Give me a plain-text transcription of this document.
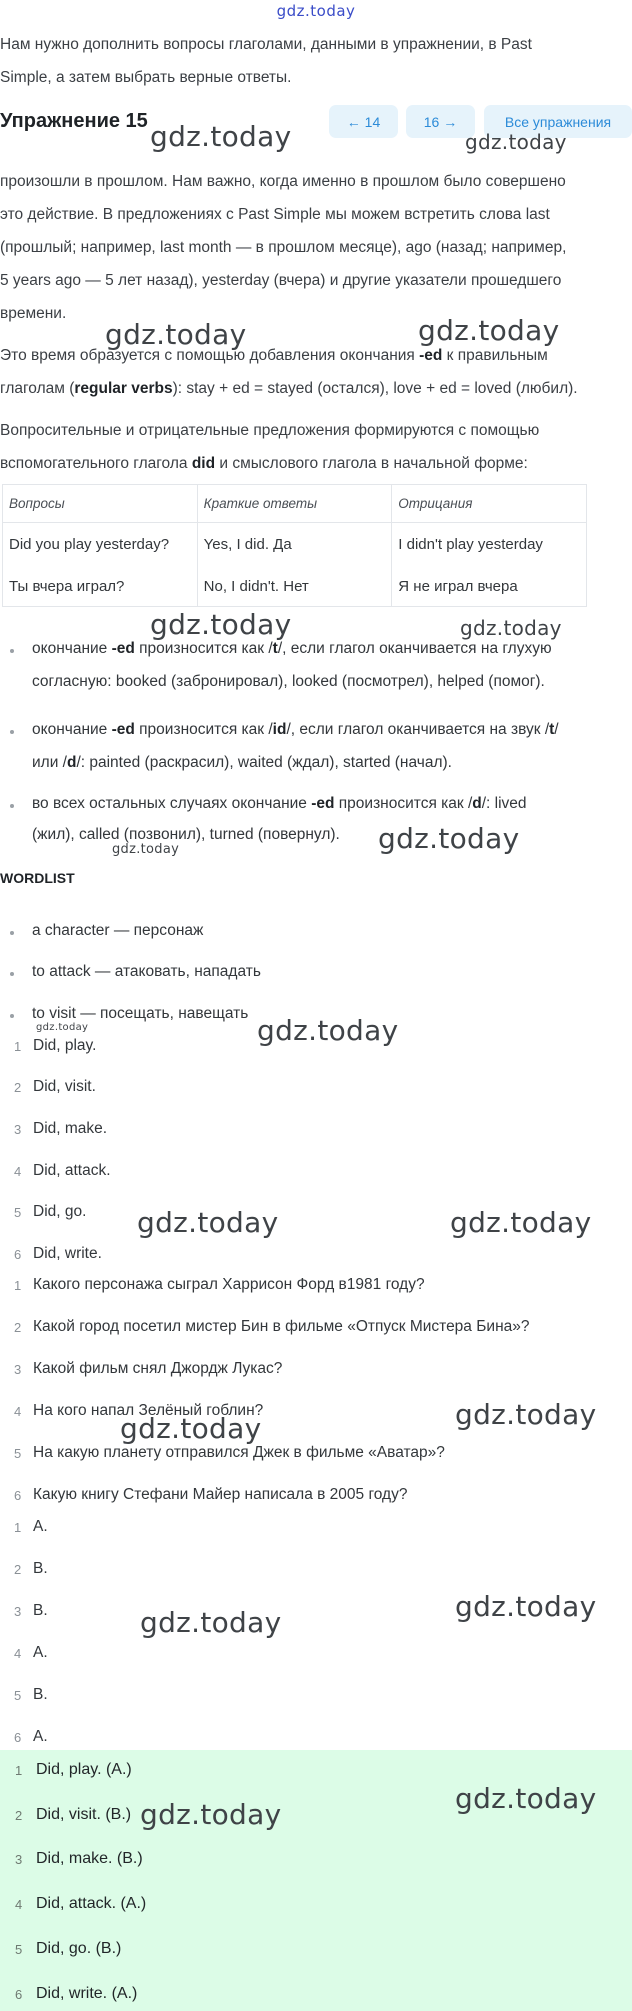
gdz.today
Нам нужно дополнить вопросы глаголами, данными в упражнении, в Past
Simple, а затем выбрать верные ответы.
Упражнение 15	← 14	16 →	Все упражнения
произошли в прошлом. Нам важно, когда именно в прошлом было совершено
это действие. В предложениях с Past Simple мы можем встретить слова last
(прошлый; например, last month — в прошлом месяце), ago (назад; например,
5 years ago — 5 лет назад), yesterday (вчера) и другие указатели прошедшего
времени.
Это время образуется с помощью добавления окончания -ed к правильным
глаголам (regular verbs): stay + ed = stayed (остался), love + ed = loved (любил).
Вопросительные и отрицательные предложения формируются с помощью
вспомогательного глагола did и смыслового глагола в начальной форме:
Вопросы	Краткие ответы	Отрицания
Did you play yesterday?	Yes, I did. Да	I didn't play yesterday
Ты вчера играл?	No, I didn't. Нет	Я не играл вчера
окончание -ed произносится как /t/, если глагол оканчивается на глухую
согласную: booked (забронировал), looked (посмотрел), helped (помог).
окончание -ed произносится как /id/, если глагол оканчивается на звук /t/
или /d/: painted (раскрасил), waited (ждал), started (начал).
во всех остальных случаях окончание -ed произносится как /d/: lived
(жил), called (позвонил), turned (повернул).
WORDLIST
a character — персонаж
to attack — атаковать, нападать
to visit — посещать, навещать
1 Did, play.
2 Did, visit.
3 Did, make.
4 Did, attack.
5 Did, go.
6 Did, write.
1 Какого персонажа сыграл Харрисон Форд в1981 году?
2 Какой город посетил мистер Бин в фильме «Отпуск Мистера Бина»?
3 Какой фильм снял Джордж Лукас?
4 На кого напал Зелёный гоблин?
5 На какую планету отправился Джек в фильме «Аватар»?
6 Какую книгу Стефани Майер написала в 2005 году?
1 A.
2 B.
3 B.
4 A.
5 B.
6 A.
1 Did, play. (A.)
2 Did, visit. (B.)
3 Did, make. (B.)
4 Did, attack. (A.)
5 Did, go. (B.)
6 Did, write. (A.)
gdz.today	gdz.today
gdz.today	gdz.today
gdz.today	gdz.today
gdz.today
gdz.today
gdz.today	gdz.today
gdz.today	gdz.today
gdz.today
gdz.today
gdz.today
gdz.today
gdz.today
gdz.today
